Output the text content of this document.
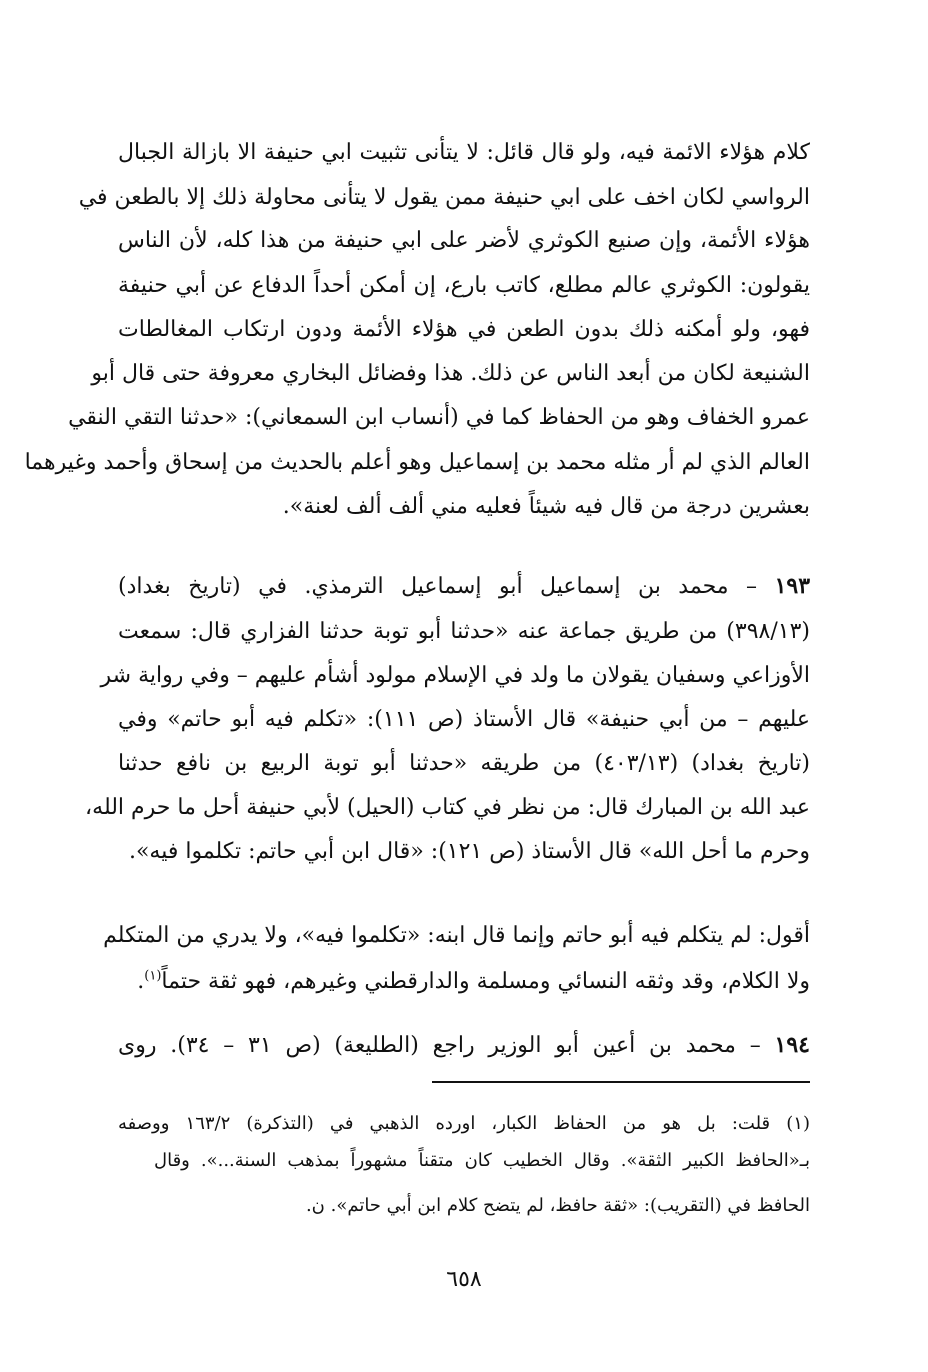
كلام هؤلاء الائمة فيه، ولو قال قائل: لا يتأنى تثبيت ابي حنيفة الا بازالة الجبال
الرواسي لكان اخف على ابي حنيفة ممن يقول لا يتأنى محاولة ذلك إلا بالطعن في
هؤلاء الأئمة، وإن صنيع الكوثري لأضر على ابي حنيفة من هذا كله، لأن الناس
يقولون: الكوثري عالم مطلع، كاتب بارع، إن أمكن أحداً الدفاع عن أبي حنيفة
فهو، ولو أمكنه ذلك بدون الطعن في هؤلاء الأئمة ودون ارتكاب المغالطات
الشنيعة لكان من أبعد الناس عن ذلك. هذا وفضائل البخاري معروفة حتى قال أبو
عمرو الخفاف وهو من الحفاظ كما في (أنساب ابن السمعاني): «حدثنا التقي النقي
العالم الذي لم أر مثله محمد بن إسماعيل وهو أعلم بالحديث من إسحاق وأحمد وغيرهما
بعشرين درجة من قال فيه شيئاً فعليه مني ألف ألف لعنة».
١٩٣ – محمد بن إسماعيل أبو إسماعيل الترمذي. في (تاريخ بغداد)
(٣٩٨/١٣) من طريق جماعة عنه «حدثنا أبو توبة حدثنا الفزاري قال: سمعت
الأوزاعي وسفيان يقولان ما ولد في الإسلام مولود أشأم عليهم – وفي رواية شر
عليهم – من أبي حنيفة» قال الأستاذ (ص ١١١): «تكلم فيه أبو حاتم» وفي
(تاريخ بغداد) (٤٠٣/١٣) من طريقه «حدثنا أبو توبة الربيع بن نافع حدثنا
عبد الله بن المبارك قال: من نظر في كتاب (الحيل) لأبي حنيفة أحل ما حرم الله،
وحرم ما أحل الله» قال الأستاذ (ص ١٢١): «قال ابن أبي حاتم: تكلموا فيه».
أقول: لم يتكلم فيه أبو حاتم وإنما قال ابنه: «تكلموا فيه»، ولا يدري من المتكلم
ولا الكلام، وقد وثقه النسائي ومسلمة والدارقطني وغيرهم، فهو ثقة حتماً$^{(١)}$.
١٩٤ – محمد بن أعين أبو الوزير راجع (الطليعة) (ص ٣١ – ٣٤). روى
(١) قلت: بل هو من الحفاظ الكبار، اورده الذهبي في (التذكرة) ١٦٣/٢ ووصفه
بـ«الحافظ الكبير الثقة». وقال الخطيب كان متقناً مشهوراً بمذهب السنة...». وقال
الحافظ في (التقريب): «ثقة حافظ، لم يتضح كلام ابن أبي حاتم». ن.
٦٥٨
